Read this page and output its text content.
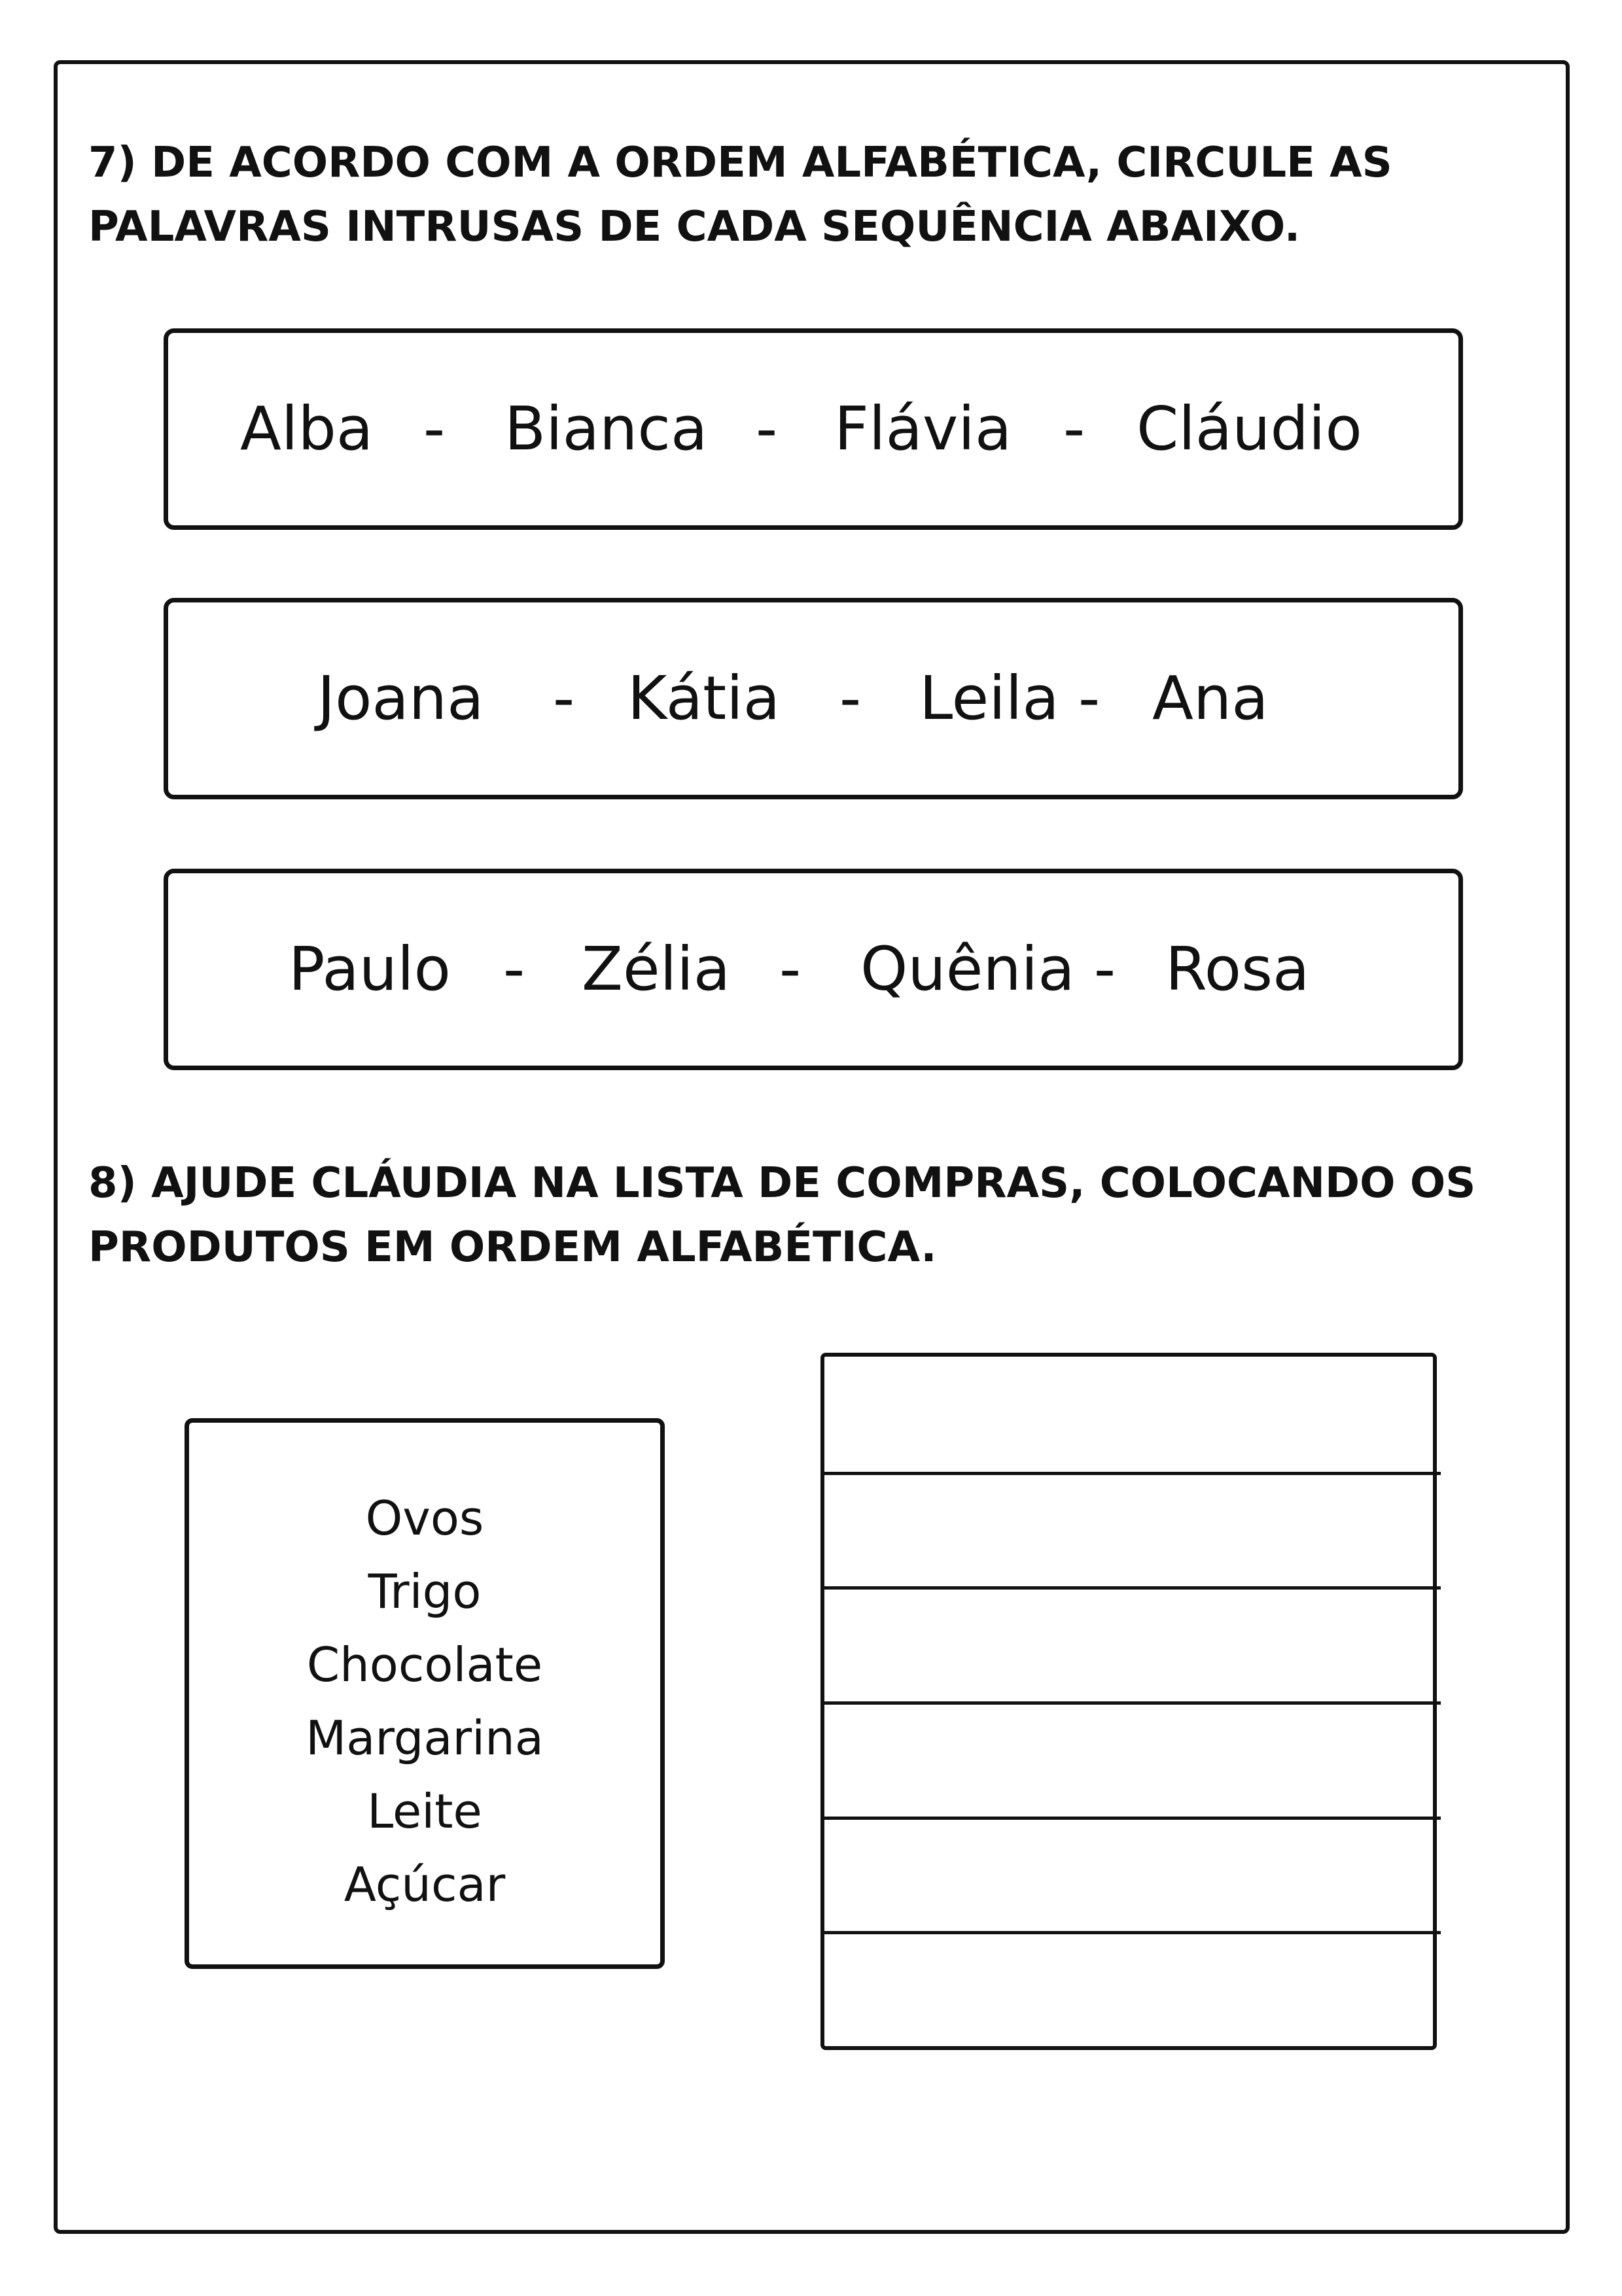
7) DE ACORDO COM A ORDEM ALFABÉTICA, CIRCULE AS
PALAVRAS INTRUSAS DE CADA SEQUÊNCIA ABAIXO.
Alba - Bianca - Flávia - Cláudio
Joana - Kátia - Leila - Ana
Paulo - Zélia - Quênia - Rosa
8) AJUDE CLÁUDIA NA LISTA DE COMPRAS, COLOCANDO OS
PRODUTOS EM ORDEM ALFABÉTICA.
Ovos
Trigo
Chocolate
Margarina
Leite
Açúcar
